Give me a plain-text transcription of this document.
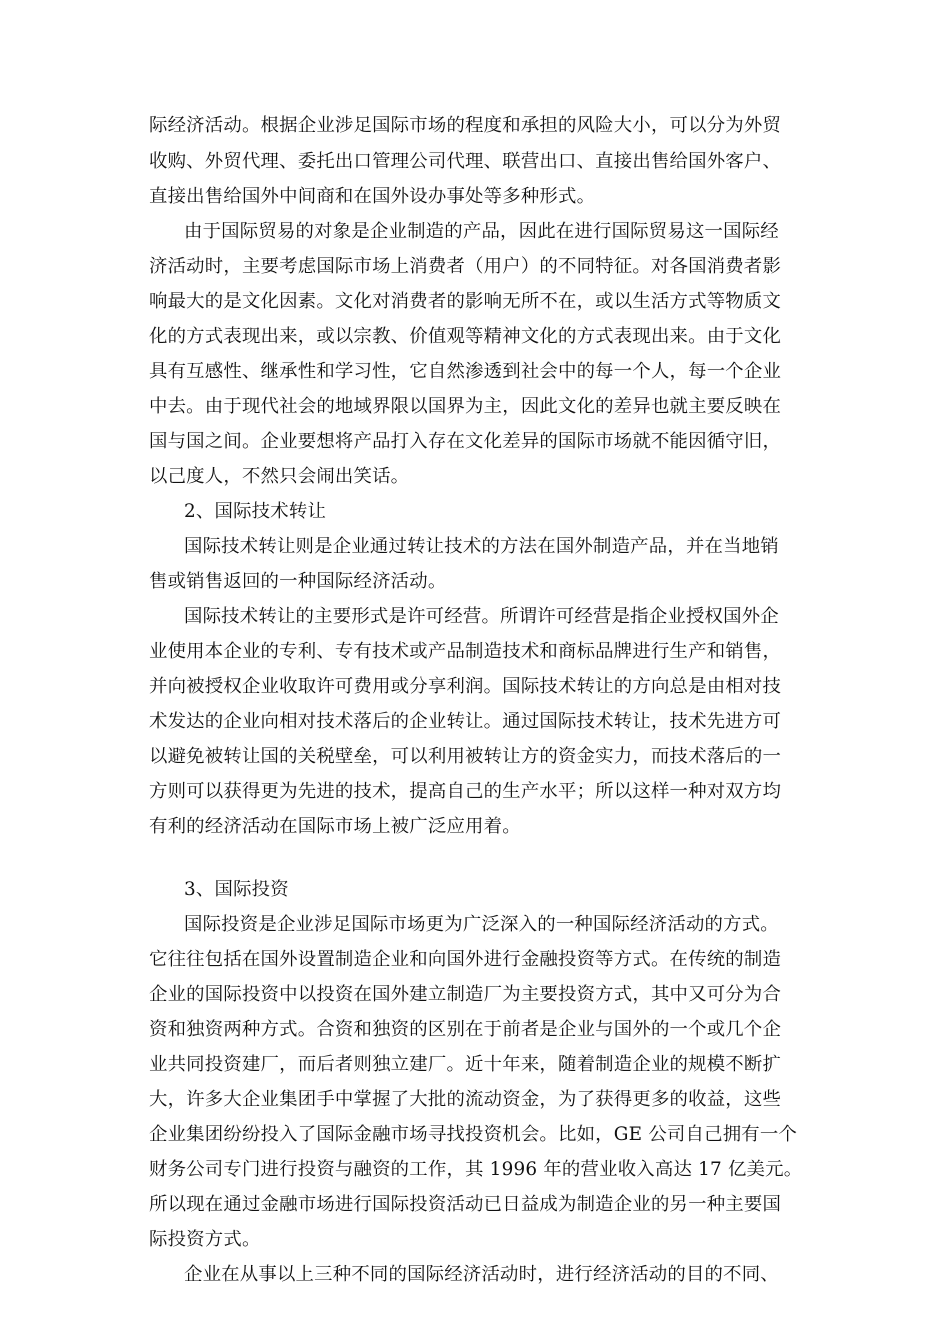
际经济活动。根据企业涉足国际市场的程度和承担的风险大小，可以分为外贸
收购、外贸代理、委托出口管理公司代理、联营出口、直接出售给国外客户、
直接出售给国外中间商和在国外设办事处等多种形式。
由于国际贸易的对象是企业制造的产品，因此在进行国际贸易这一国际经
济活动时，主要考虑国际市场上消费者（用户）的不同特征。对各国消费者影
响最大的是文化因素。文化对消费者的影响无所不在，或以生活方式等物质文
化的方式表现出来，或以宗教、价值观等精神文化的方式表现出来。由于文化
具有互感性、继承性和学习性，它自然渗透到社会中的每一个人，每一个企业
中去。由于现代社会的地域界限以国界为主，因此文化的差异也就主要反映在
国与国之间。企业要想将产品打入存在文化差异的国际市场就不能因循守旧，
以己度人，不然只会闹出笑话。
2、国际技术转让
国际技术转让则是企业通过转让技术的方法在国外制造产品，并在当地销
售或销售返回的一种国际经济活动。
国际技术转让的主要形式是许可经营。所谓许可经营是指企业授权国外企
业使用本企业的专利、专有技术或产品制造技术和商标品牌进行生产和销售，
并向被授权企业收取许可费用或分享利润。国际技术转让的方向总是由相对技
术发达的企业向相对技术落后的企业转让。通过国际技术转让，技术先进方可
以避免被转让国的关税壁垒，可以利用被转让方的资金实力，而技术落后的一
方则可以获得更为先进的技术，提高自己的生产水平；所以这样一种对双方均
有利的经济活动在国际市场上被广泛应用着。
3、国际投资
国际投资是企业涉足国际市场更为广泛深入的一种国际经济活动的方式。
它往往包括在国外设置制造企业和向国外进行金融投资等方式。在传统的制造
企业的国际投资中以投资在国外建立制造厂为主要投资方式，其中又可分为合
资和独资两种方式。合资和独资的区别在于前者是企业与国外的一个或几个企
业共同投资建厂，而后者则独立建厂。近十年来，随着制造企业的规模不断扩
大，许多大企业集团手中掌握了大批的流动资金，为了获得更多的收益，这些
企业集团纷纷投入了国际金融市场寻找投资机会。比如，GE 公司自己拥有一个
财务公司专门进行投资与融资的工作，其 1996 年的营业收入高达 17 亿美元。
所以现在通过金融市场进行国际投资活动已日益成为制造企业的另一种主要国
际投资方式。
企业在从事以上三种不同的国际经济活动时，进行经济活动的目的不同、
